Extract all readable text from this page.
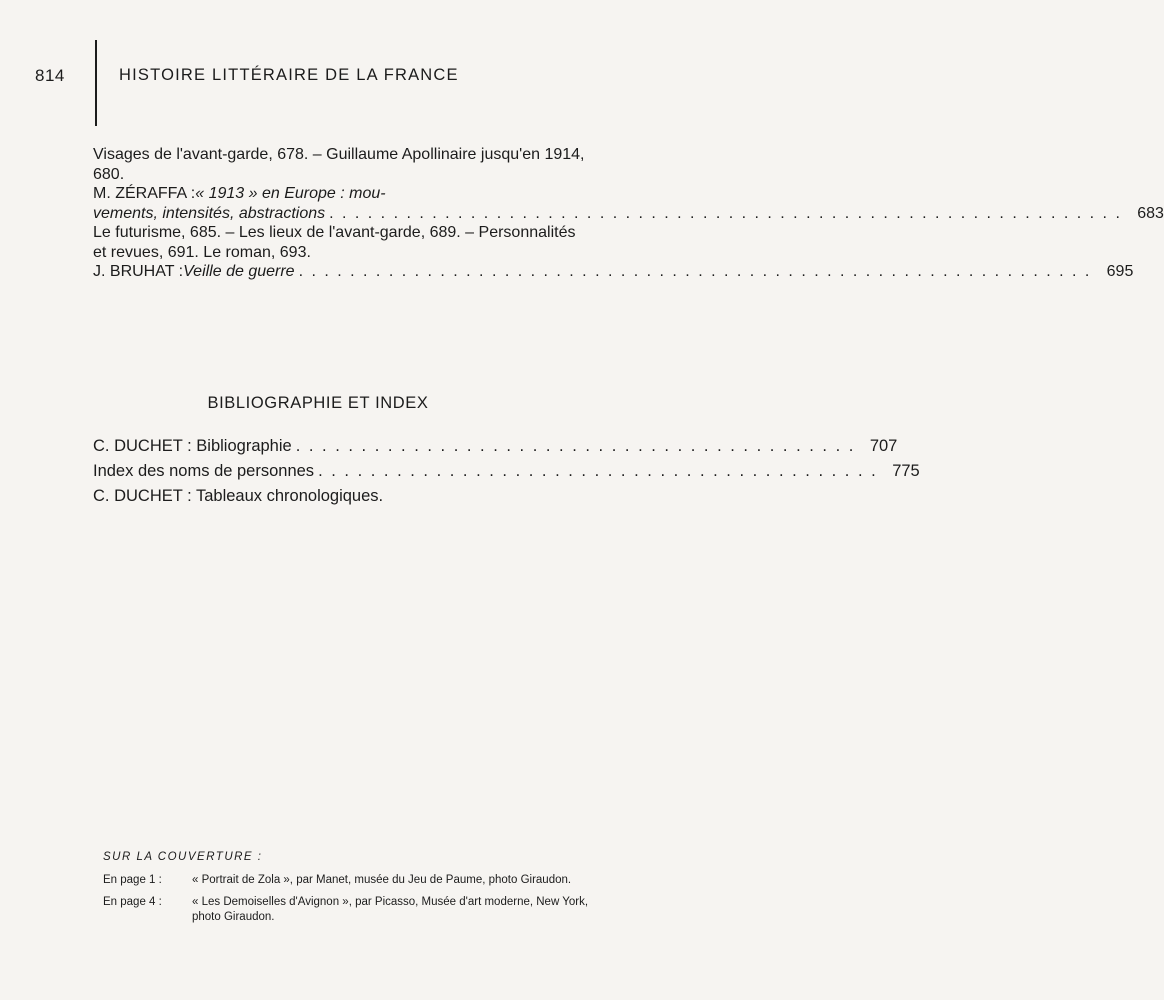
814	HISTOIRE LITTÉRAIRE DE LA FRANCE

Visages de l'avant-garde, 678. – Guillaume Apollinaire jusqu'en 1914, 680.

M. ZÉRAFFA : « 1913 » en Europe : mou-
vements, intensités, abstractions . . .	683

Le futurisme, 685. – Les lieux de l'avant-garde, 689. – Personnalités et revues, 691. Le roman, 693.

J. BRUHAT : Veille de guerre . . .	695
BIBLIOGRAPHIE ET INDEX
C. DUCHET : Bibliographie . . . . . . . . . . . . . . . . . . . . . . . . . . . . . . . . . . . . . . . . . . . 707
Index des noms de personnes . . . . . . . . . . . . . . . . . . . . . . . . . . . . . . . . . . . . . . . . . . . 775
C. DUCHET : Tableaux chronologiques.
SUR LA COUVERTURE :
En page 1 :	« Portrait de Zola », par Manet, musée du Jeu de Paume, photo Giraudon.
En page 4 :	« Les Demoiselles d'Avignon », par Picasso, Musée d'art moderne, New York, photo Giraudon.
